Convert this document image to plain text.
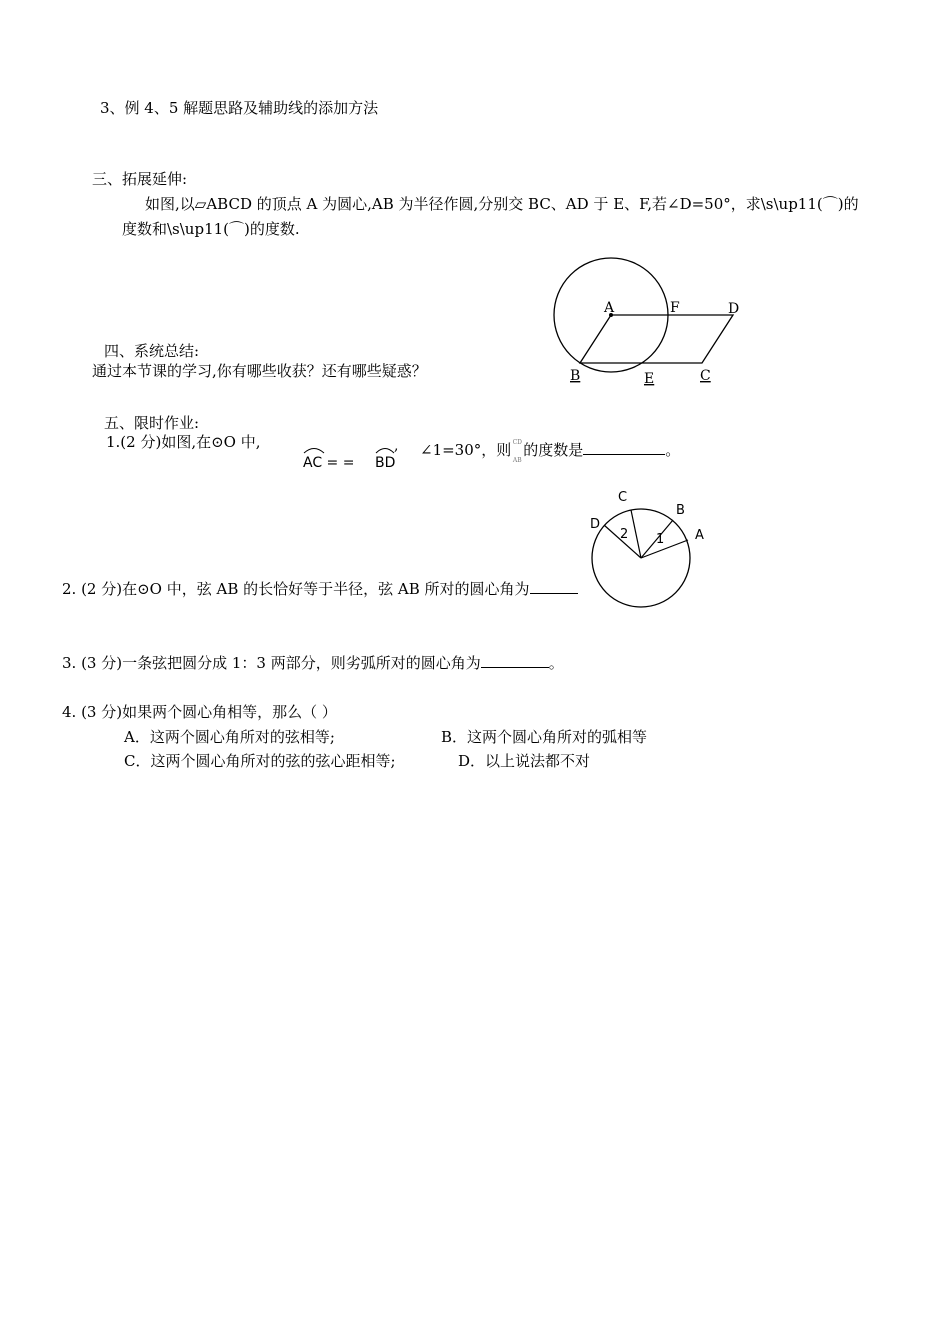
3、例 4、5 解题思路及辅助线的添加方法
三、拓展延伸:
如图,以▱ABCD 的顶点 A 为圆心,AB 为半径作圆,分别交 BC、AD 于 E、F,若∠D=50°，求\s\up11(⌒)的
度数和\s\up11(⌒)的度数.
A	F	D
B	E	C
四、系统总结:
通过本节课的学习,你有哪些收获？还有哪些疑惑？
五、限时作业:
1.(2 分)如图,在⊙O 中,
AC = = BD
, ∠1=30°，则CD
AB的度数是	。
C
B
D
A
2 1
2. (2 分)在⊙O 中，弦 AB 的长恰好等于半径，弦 AB 所对的圆心角为
3. (3 分)一条弦把圆分成 1：3 两部分，则劣弧所对的圆心角为	。
4. (3 分)如果两个圆心角相等，那么（ ）
A．这两个圆心角所对的弦相等;	B．这两个圆心角所对的弧相等
C．这两个圆心角所对的弦的弦心距相等;	D．以上说法都不对
